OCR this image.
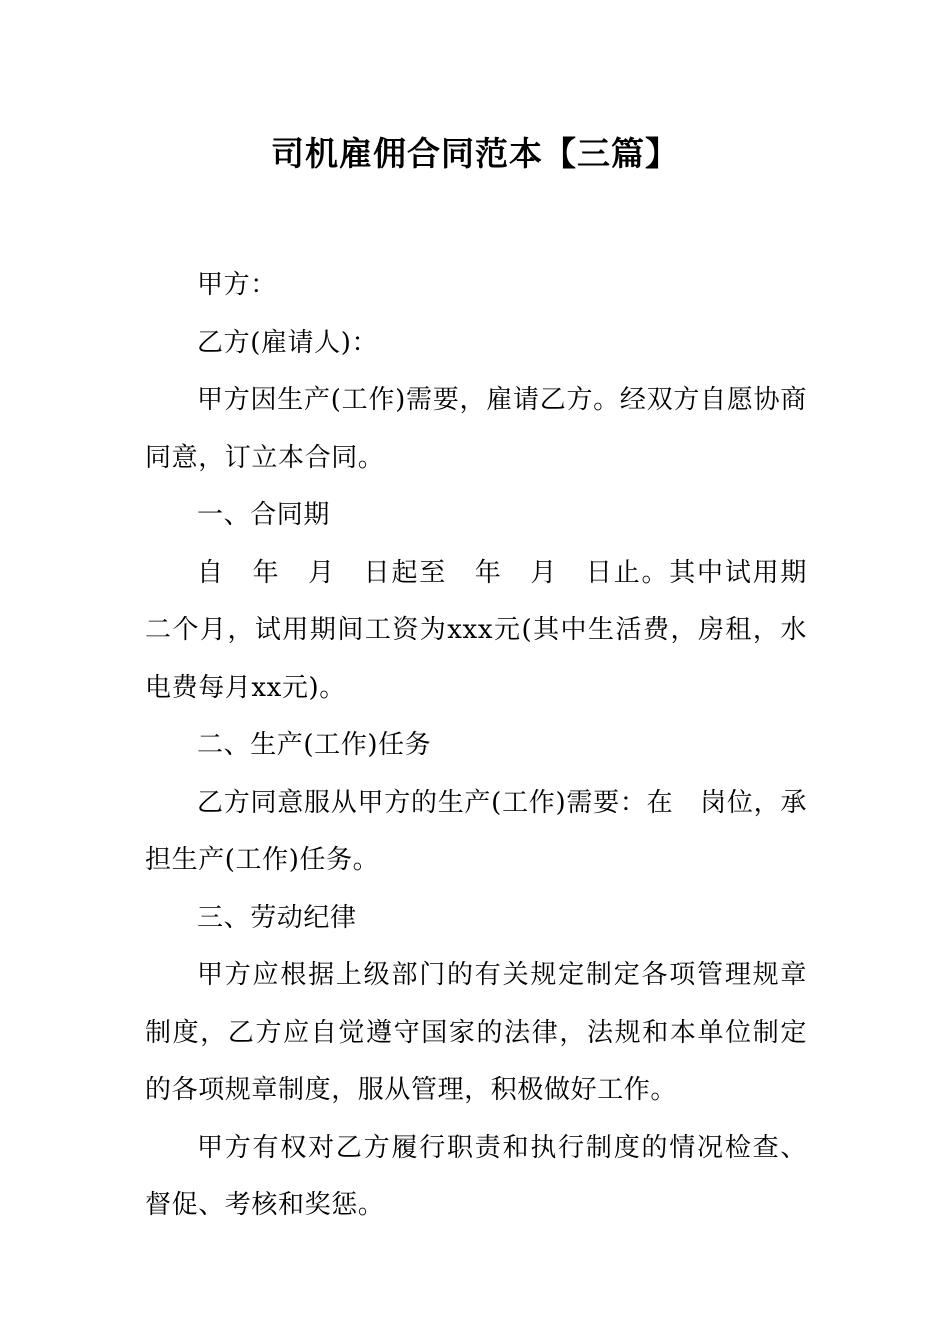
司机雇佣合同范本【三篇】

甲方：

乙方(雇请人)：

甲方因生产(工作)需要，雇请乙方。经双方自愿协商同意，订立本合同。

一、合同期

自　年　月　日起至　年　月　日止。其中试用期二个月，试用期间工资为xxx元(其中生活费，房租，水电费每月xx元)。

二、生产(工作)任务

乙方同意服从甲方的生产(工作)需要：在　岗位，承担生产(工作)任务。

三、劳动纪律

甲方应根据上级部门的有关规定制定各项管理规章制度，乙方应自觉遵守国家的法律，法规和本单位制定的各项规章制度，服从管理，积极做好工作。

甲方有权对乙方履行职责和执行制度的情况检查、督促、考核和奖惩。
